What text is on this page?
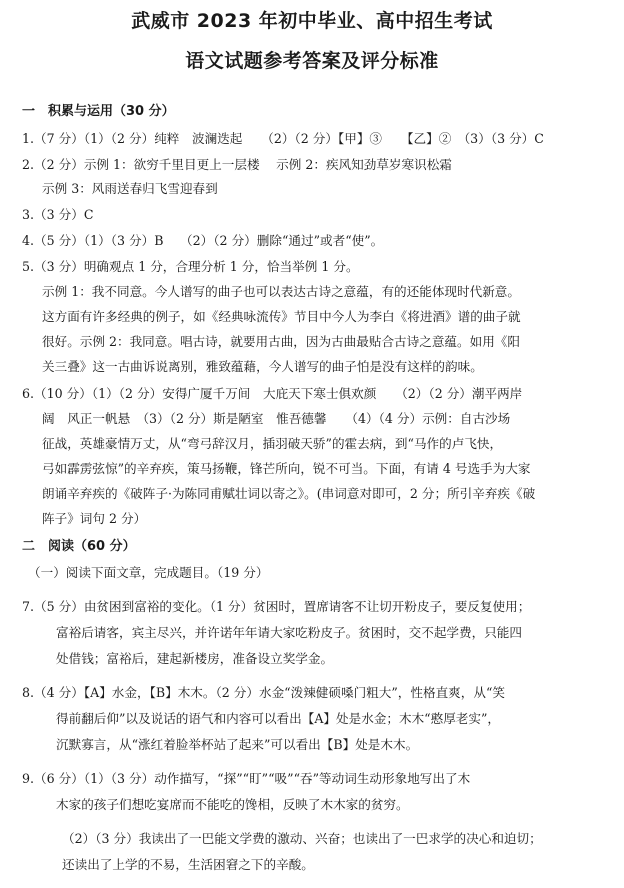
武威市 2023 年初中毕业、高中招生考试
语文试题参考答案及评分标准
一　积累与运用（30 分）
1.（7 分）（1）（2 分）纯粹　波澜迭起　　（2）（2 分）【甲】③　　【乙】②　（3）（3 分）C
2.（2 分）示例 1：欲穷千里目更上一层楼　 示例 2：疾风知劲草岁寒识松霜
示例 3：风雨送春归飞雪迎春到
3.（3 分）C
4.（5 分）（1）（3 分）B　 （2）（2 分）删除“通过”或者“使”。
5.（3 分）明确观点 1 分，合理分析 1 分，恰当举例 1 分。
示例 1：我不同意。今人谱写的曲子也可以表达古诗之意蕴，有的还能体现时代新意。
这方面有许多经典的例子，如《经典咏流传》节目中今人为李白《将进酒》谱的曲子就
很好。示例 2：我同意。唱古诗，就要用古曲，因为古曲最贴合古诗之意蕴。如用《阳
关三叠》这一古曲诉说离别，雅致蕴藉，今人谱写的曲子怕是没有这样的韵味。
6.（10 分）（1）（2 分）安得广厦千万间　大庇天下寒士俱欢颜　　（2）（2 分）潮平两岸
阔　风正一帆悬　（3）（2 分）斯是陋室　惟吾德馨　　（4）（4 分）示例：自古沙场
征战，英雄豪情万丈，从“弯弓辞汉月，插羽破天骄”的霍去病，到“马作的卢飞快，
弓如霹雳弦惊”的辛弃疾，策马扬鞭，锋芒所向，锐不可当。下面，有请 4 号选手为大家
朗诵辛弃疾的《破阵子·为陈同甫赋壮词以寄之》。(串词意对即可，2 分；所引辛弃疾《破
阵子》词句 2 分）
二　阅读（60 分）
（一）阅读下面文章，完成题目。（19 分）
7.（5 分）由贫困到富裕的变化。（1 分）贫困时，置席请客不让切开粉皮子，要反复使用；
富裕后请客，宾主尽兴，并许诺年年请大家吃粉皮子。贫困时，交不起学费，只能四
处借钱；富裕后，建起新楼房，准备设立奖学金。
8.（4 分）【A】水金，【B】木木。（2 分）水金“泼辣健硕嗓门粗大”，性格直爽，从“笑
得前翻后仰”以及说话的语气和内容可以看出【A】处是水金；木木“憨厚老实”，
沉默寡言，从“涨红着脸举杯站了起来”可以看出【B】处是木木。
9.（6 分）（1）（3 分）动作描写，“探”“盯”“吸”“吞”等动词生动形象地写出了木
木家的孩子们想吃宴席而不能吃的馋相，反映了木木家的贫穷。
（2）（3 分）我读出了一巴能文学费的激动、兴奋；也读出了一巴求学的决心和迫切；
还读出了上学的不易，生活困窘之下的辛酸。
